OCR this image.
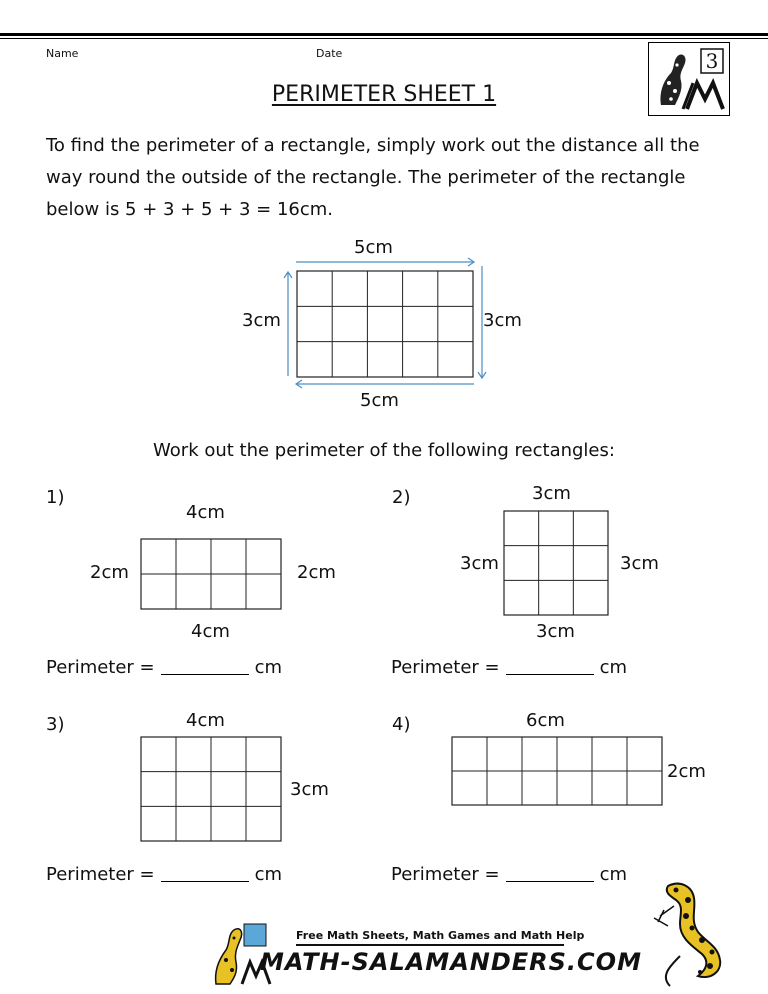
Name	Date	3
PERIMETER SHEET 1
To find the perimeter of a rectangle, simply work out the distance all the way round the outside of the rectangle. The perimeter of the rectangle below is 5 + 3 + 5 + 3 = 16cm.
5cm
3cm	3cm
5cm
Work out the perimeter of the following rectangles:
1)
4cm
2cm	2cm
4cm
Perimeter =	cm
2)	3cm
3cm	3cm
3cm
Perimeter =	cm
3)	4cm
3cm
Perimeter =	cm
4)	6cm
2cm
Perimeter =	cm
Free Math Sheets, Math Games and Math Help
MATH-SALAMANDERS.COM
